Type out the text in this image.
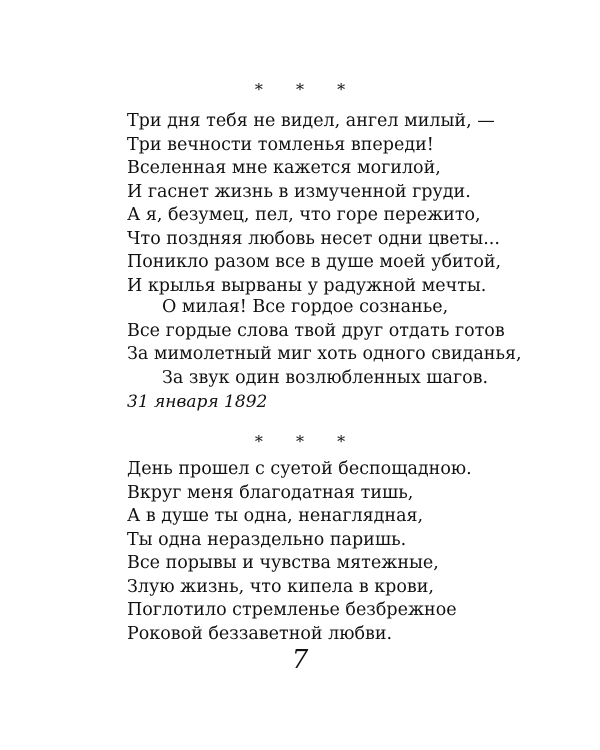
* * *
Три дня тебя не видел, ангел милый, —
Три вечности томленья впереди!
Вселенная мне кажется могилой,
И гаснет жизнь в измученной груди.
А я, безумец, пел, что горе пережито,
Что поздняя любовь несет одни цветы...
Поникло разом все в душе моей убитой,
И крылья вырваны у радужной мечты.
О милая! Все гордое сознанье,
Все гордые слова твой друг отдать готов
За мимолетный миг хоть одного свиданья,
За звук один возлюбленных шагов.
31 января 1892
* * *
День прошел с суетой беспощадною.
Вкруг меня благодатная тишь,
А в душе ты одна, ненаглядная,
Ты одна нераздельно паришь.
Все порывы и чувства мятежные,
Злую жизнь, что кипела в крови,
Поглотило стремленье безбрежное
Роковой беззаветной любви.
7
